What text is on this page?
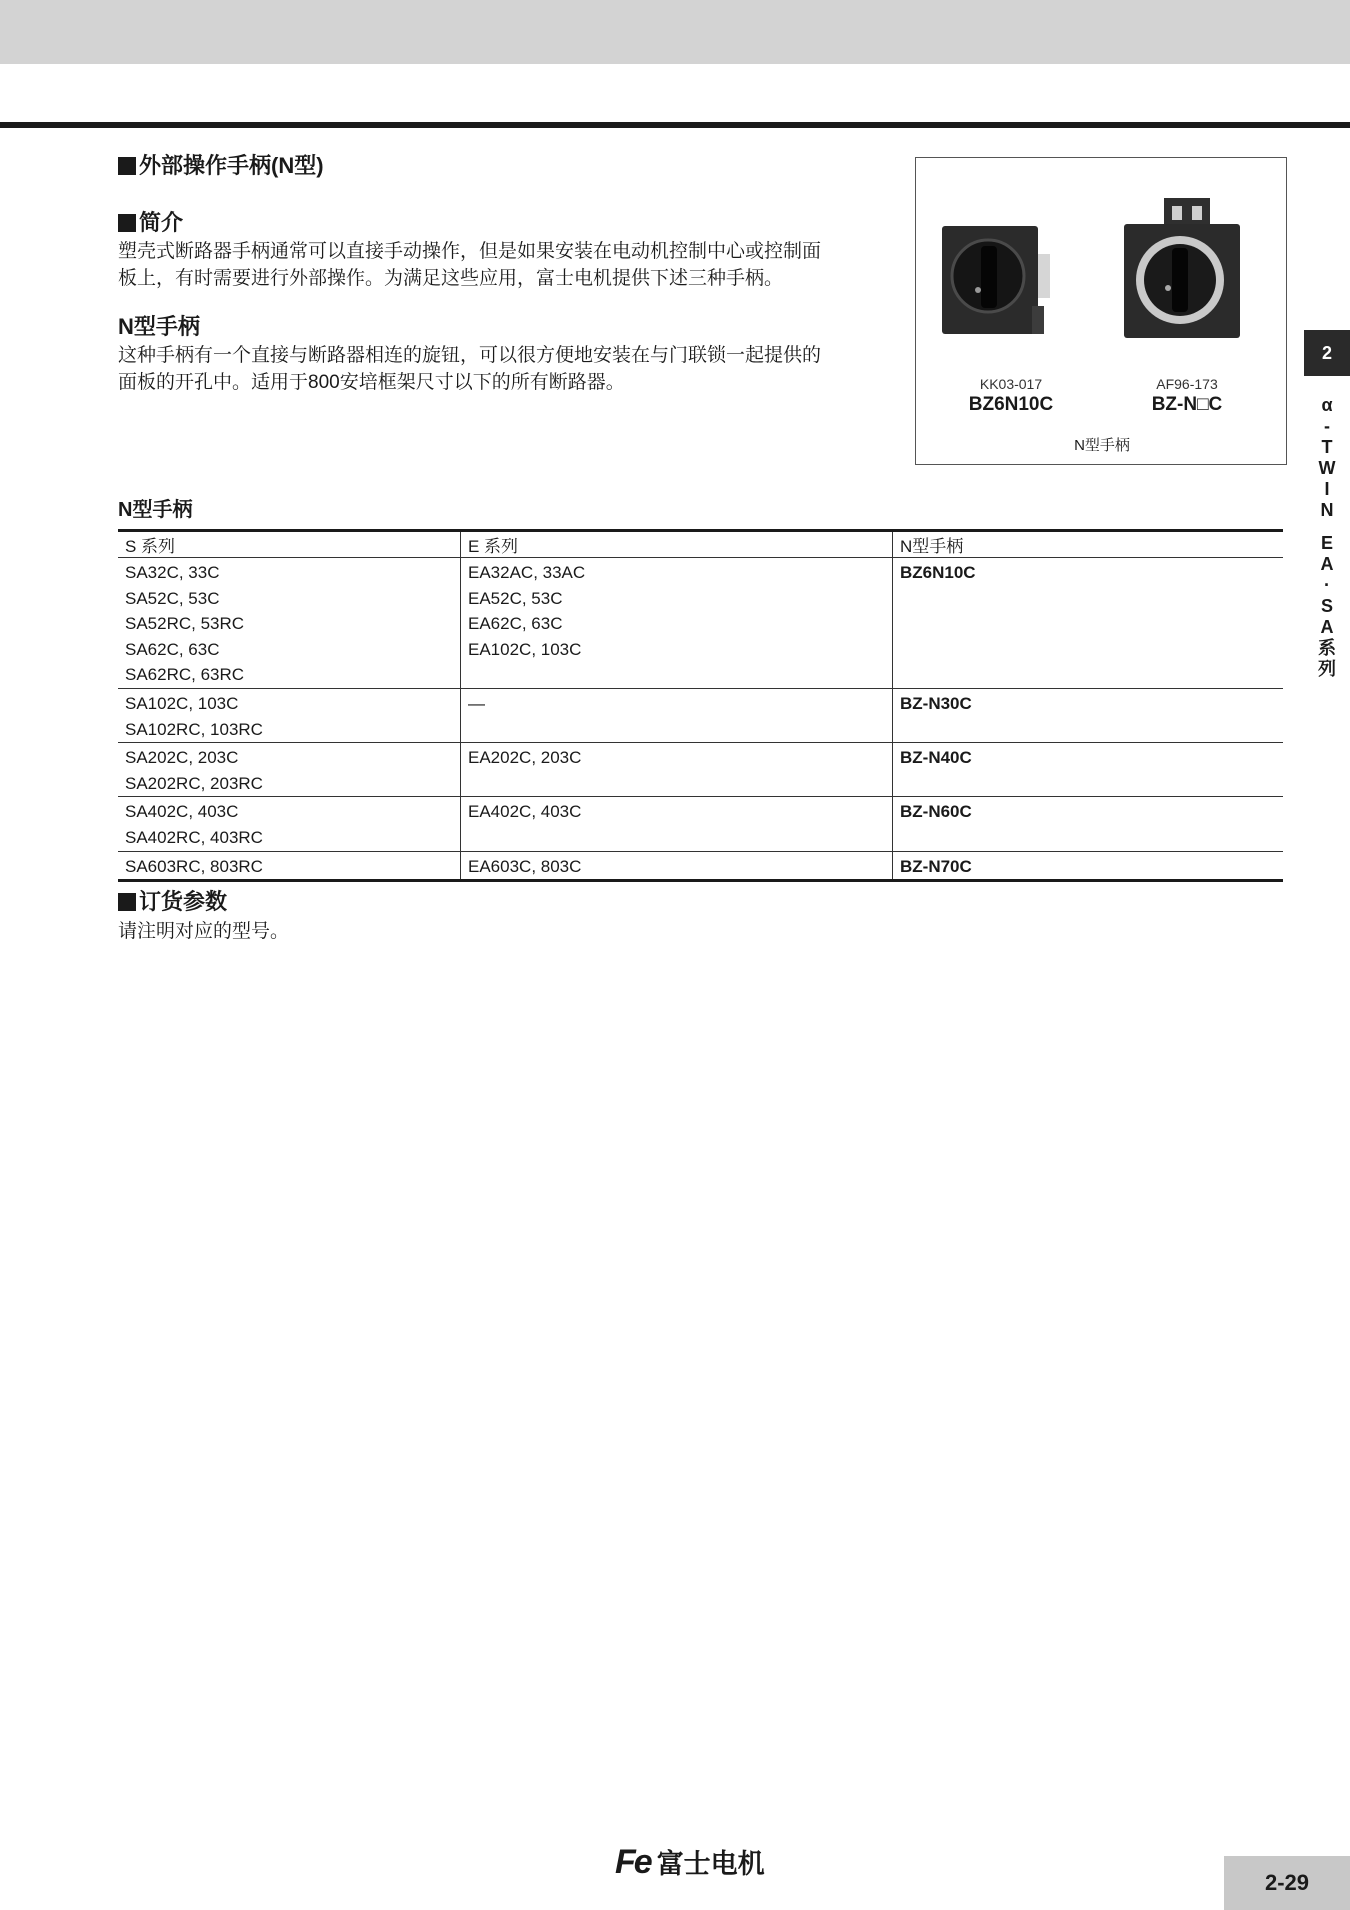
外部操作手柄(N型)
简介

塑壳式断路器手柄通常可以直接手动操作，但是如果安装在电动机控制中心或控制面
板上，有时需要进行外部操作。为满足这些应用，富士电机提供下述三种手柄。

N型手柄

这种手柄有一个直接与断路器相连的旋钮，可以很方便地安装在与门联锁一起提供的
面板的开孔中。适用于800安培框架尺寸以下的所有断路器。	KK03-017
BZ6N10C
AF96-173
BZ-N□C
N型手柄
2
α
-
T
W
I
N
E
A
·
S
A
系
列
N型手柄
S 系列	E 系列	N型手柄

SA32C, 33C
SA52C, 53C
SA52RC, 53RC
SA62C, 63C
SA62RC, 63RC	EA32AC, 33AC
EA52C, 53C
EA62C, 63C
EA102C, 103C	BZ6N10C

SA102C, 103C
SA102RC, 103RC	—	BZ-N30C

SA202C, 203C
SA202RC, 203RC	EA202C, 203C	BZ-N40C

SA402C, 403C
SA402RC, 403RC	EA402C, 403C	BZ-N60C

SA603RC, 803RC	EA603C, 803C	BZ-N70C
订货参数

请注明对应的型号。

Fe 富士电机
2-29
